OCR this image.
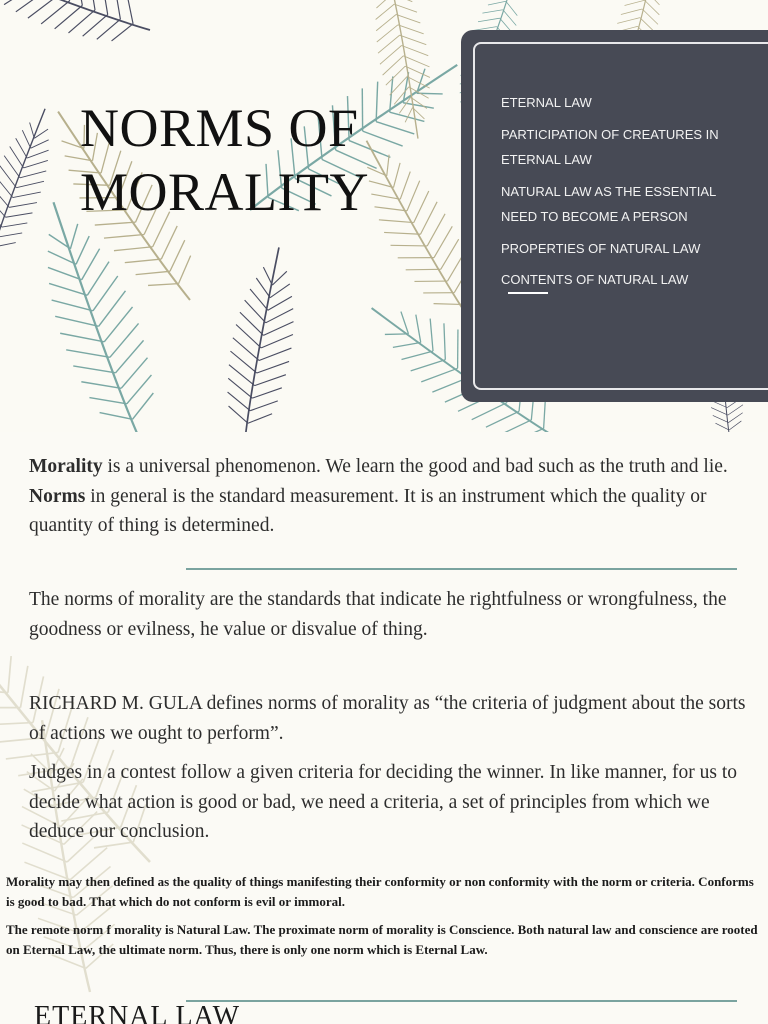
NORMS OF
MORALITY
ETERNAL LAW
PARTICIPATION OF CREATURES IN ETERNAL LAW
NATURAL LAW AS THE ESSENTIAL NEED TO BECOME A PERSON
PROPERTIES OF NATURAL LAW
CONTENTS OF NATURAL LAW

Morality is a universal phenomenon. We learn the good and bad such as the truth and lie. Norms in general is the standard measurement. It is an instrument which the quality or quantity of thing is determined.

The norms of morality are the standards that indicate he rightfulness or wrongfulness, the goodness or evilness, he value or disvalue of thing.

RICHARD M. GULA defines norms of morality as “the criteria of judgment about the sorts of actions we ought to perform”.

Judges in a contest follow a given criteria for deciding the winner. In like manner, for us to decide what action is good or bad, we need a criteria, a set of principles from which we deduce our conclusion.

Morality may then defined as the quality of things manifesting their conformity or non conformity with the norm or criteria. Conforms is good to bad. That which do not conform is evil or immoral.

The remote norm f morality is Natural Law. The proximate norm of morality is Conscience. Both natural law and conscience are rooted on Eternal Law, the ultimate norm. Thus, there is only one norm which is Eternal Law.

ETERNAL LAW
